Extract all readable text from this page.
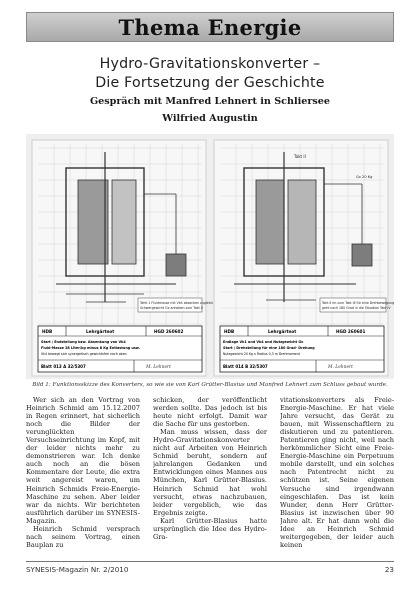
Thema Energie
Hydro-Gravitationskonverter –
Die Fortsetzung der Geschichte
Gespräch mit Manfred Lehnert in Schliersee
Wilfried Augustin
Tafel 1 Fluidmasse mit Vk4 absenken zugleich
Schwergewicht Gx anheben zum Takt II
Takt II
Gx 20 Kg
Takt II im zum Takt III für eine Drehbewegung
geht nach 180 Grad in die Situation Takt IV
HDB	Lehrgärtnot	HGD 260602
Start / Endstellung bzw. Absenkung von Vk4
Fluid-Masse 28 Liter/kg minus 8 Kg Entlastung usw.
Vk4 bewegt sich synergetisch gewichtsfrei nach oben
Blatt 013 A 32/5307	M. Lehnert
HDB	Lehrgärtnot	HGD 260601
Endlage Vk1 und Vk4 und Nutzgewicht Gx
Start / Drehstellung für eine 180 Grad- Drehung
Nutzgewicht 20 Kg x Radius 0,3 m Drehmoment
Blatt 014 B 32/5307	M. Lehnert
Bild 1: Funktionsskizze des Konverters, so wie sie von Karl Grütter-Blasius und Manfred Lehnert zum Schluss gebaut wurde.

Wer sich an den Vortrag von Heinrich Schmid am 15.12.2007 in Regen erinnert, hat sicherlich noch die Bilder der verunglückten Versuchseinrichtung im Kopf, mit der leider nichts mehr zu demonstrieren war. Ich denke auch noch an die bösen Kommentare der Leute, die extra weit angereist waren, um Heinrich Schmids Freie-Energie-Maschine zu sehen. Aber leider war da nichts. Wir berichteten ausführlich darüber im SYNESIS-Magazin.

Heinrich Schmid versprach nach seinem Vortrag, einen Bauplan zu

schicken, der veröffentlicht werden sollte. Das jedoch ist bis heute nicht erfolgt. Damit war die Sache für uns gestorben.

Man muss wissen, dass der Hydro-Gravitationskonverter nicht auf Arbeiten von Heinrich Schmid beruht, sondern auf jahrelangen Gedanken und Entwicklungen eines Mannes aus München, Karl Grütter-Blasius. Heinrich Schmid hat wohl versucht, etwas nachzubauen, leider vergeblich, wie das Ergebnis zeigte.

Karl Grütter-Blasius hatte ursprünglich die Idee des Hydro-Gra-

vitationskonverters als Freie-Energie-Maschine. Er hat viele Jahre versucht, das Gerät zu bauen, mit Wissenschaftlern zu diskutieren und zu patentieren. Patentieren ging nicht, weil nach herkömmlicher Sicht eine Freie-Energie-Maschine ein Perpetuum mobile darstellt, und ein solches nach Patentrecht nicht zu schützen ist. Seine eigenen Versuche sind irgendwann eingeschlafen. Das ist kein Wunder, denn Herr Grütter-Blasius ist inzwischen über 90 Jahre alt. Er hat dann wohl die Idee an Heinrich Schmid weitergegeben, der leider auch keinen

SYNESIS-Magazin Nr. 2/2010	23
